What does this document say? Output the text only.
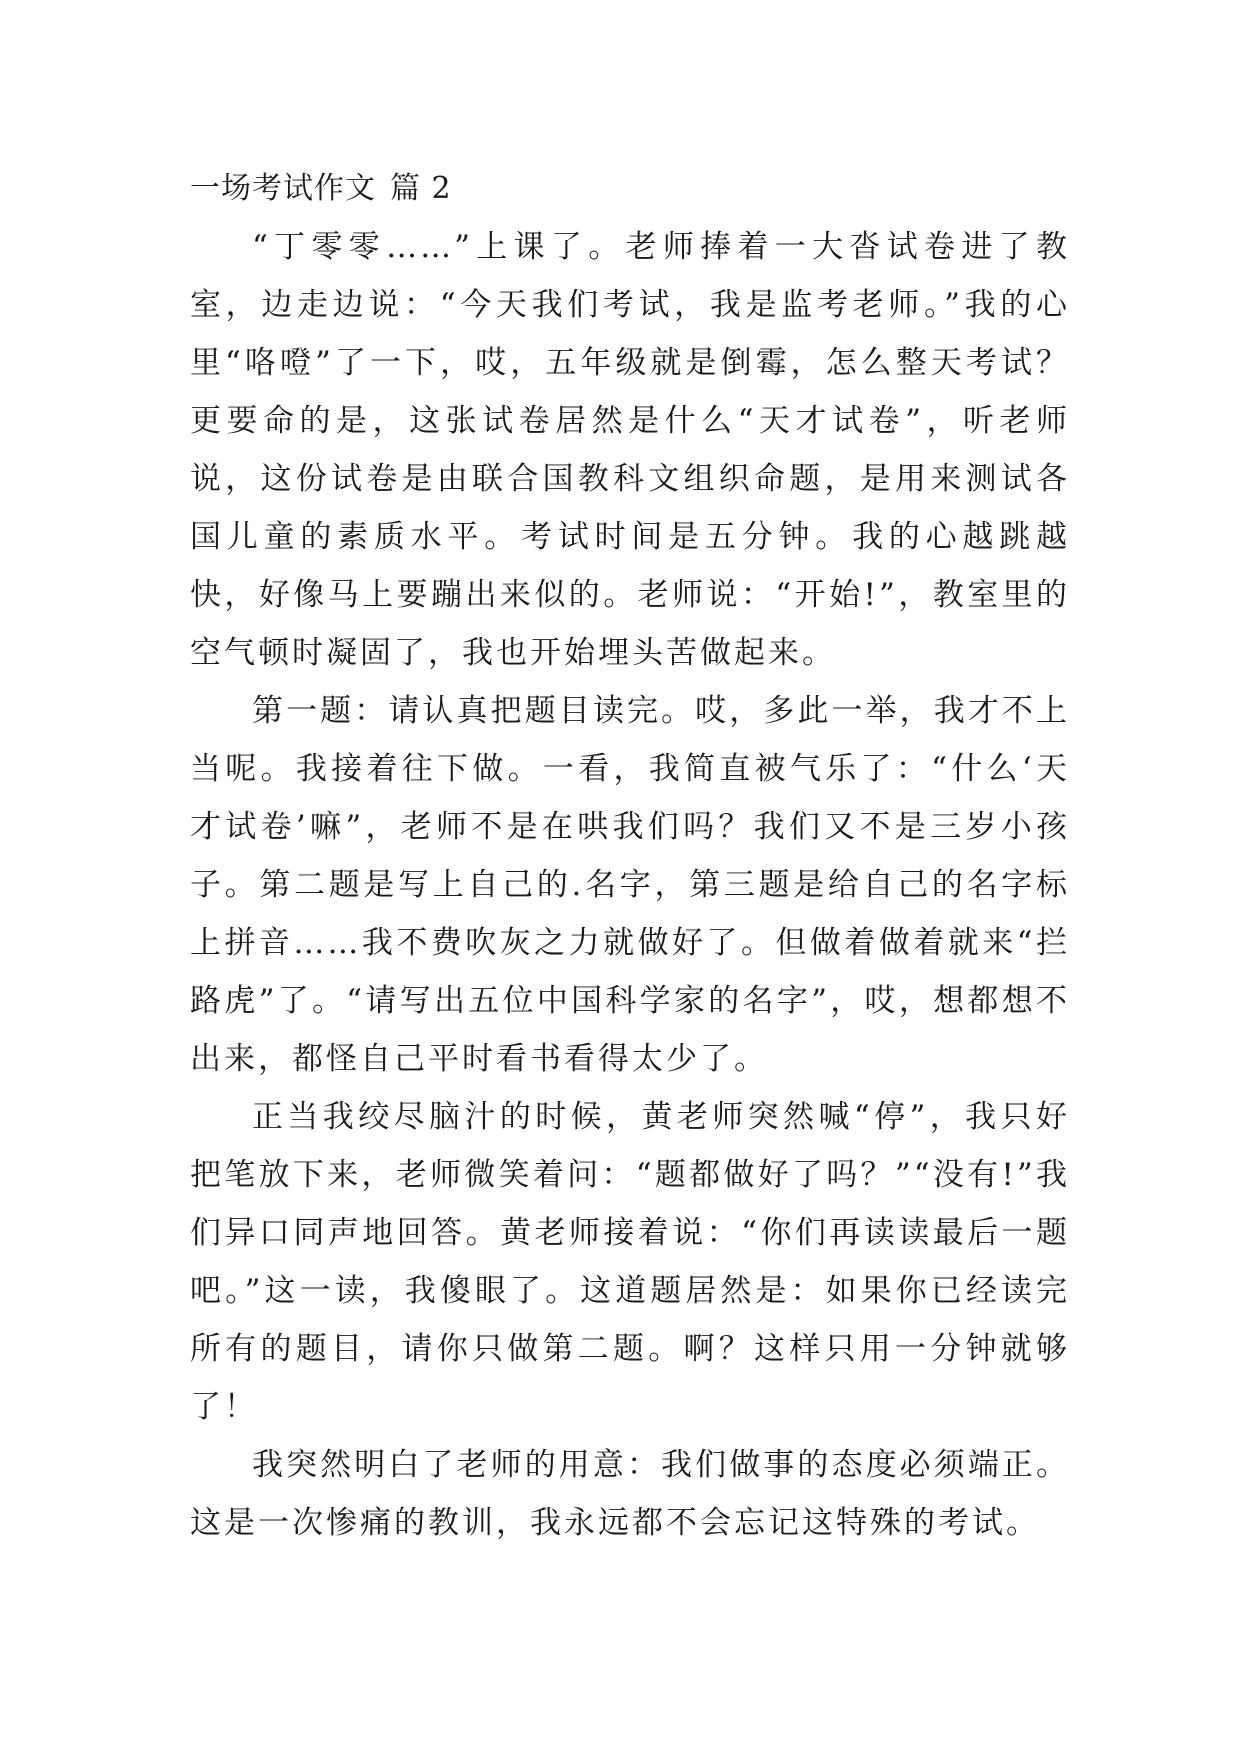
一场考试作文 篇 2

“丁零零……”上课了。老师捧着一大沓试卷进了教室，边走边说：“今天我们考试，我是监考老师。”我的心里“咯噔”了一下，哎，五年级就是倒霉，怎么整天考试？更要命的是，这张试卷居然是什么“天才试卷”，听老师说，这份试卷是由联合国教科文组织命题，是用来测试各国儿童的素质水平。考试时间是五分钟。我的心越跳越快，好像马上要蹦出来似的。老师说：“开始!”，教室里的空气顿时凝固了，我也开始埋头苦做起来。

第一题：请认真把题目读完。哎，多此一举，我才不上当呢。我接着往下做。一看，我简直被气乐了：“什么‘天才试卷’嘛”，老师不是在哄我们吗？我们又不是三岁小孩子。第二题是写上自己的.名字，第三题是给自己的名字标上拼音……我不费吹灰之力就做好了。但做着做着就来“拦路虎”了。“请写出五位中国科学家的名字”，哎，想都想不出来，都怪自己平时看书看得太少了。

正当我绞尽脑汁的时候，黄老师突然喊“停”，我只好把笔放下来，老师微笑着问：“题都做好了吗？”“没有!”我们异口同声地回答。黄老师接着说：“你们再读读最后一题吧。”这一读，我傻眼了。这道题居然是：如果你已经读完所有的题目，请你只做第二题。啊？这样只用一分钟就够了！

我突然明白了老师的用意：我们做事的态度必须端正。这是一次惨痛的教训，我永远都不会忘记这特殊的考试。
